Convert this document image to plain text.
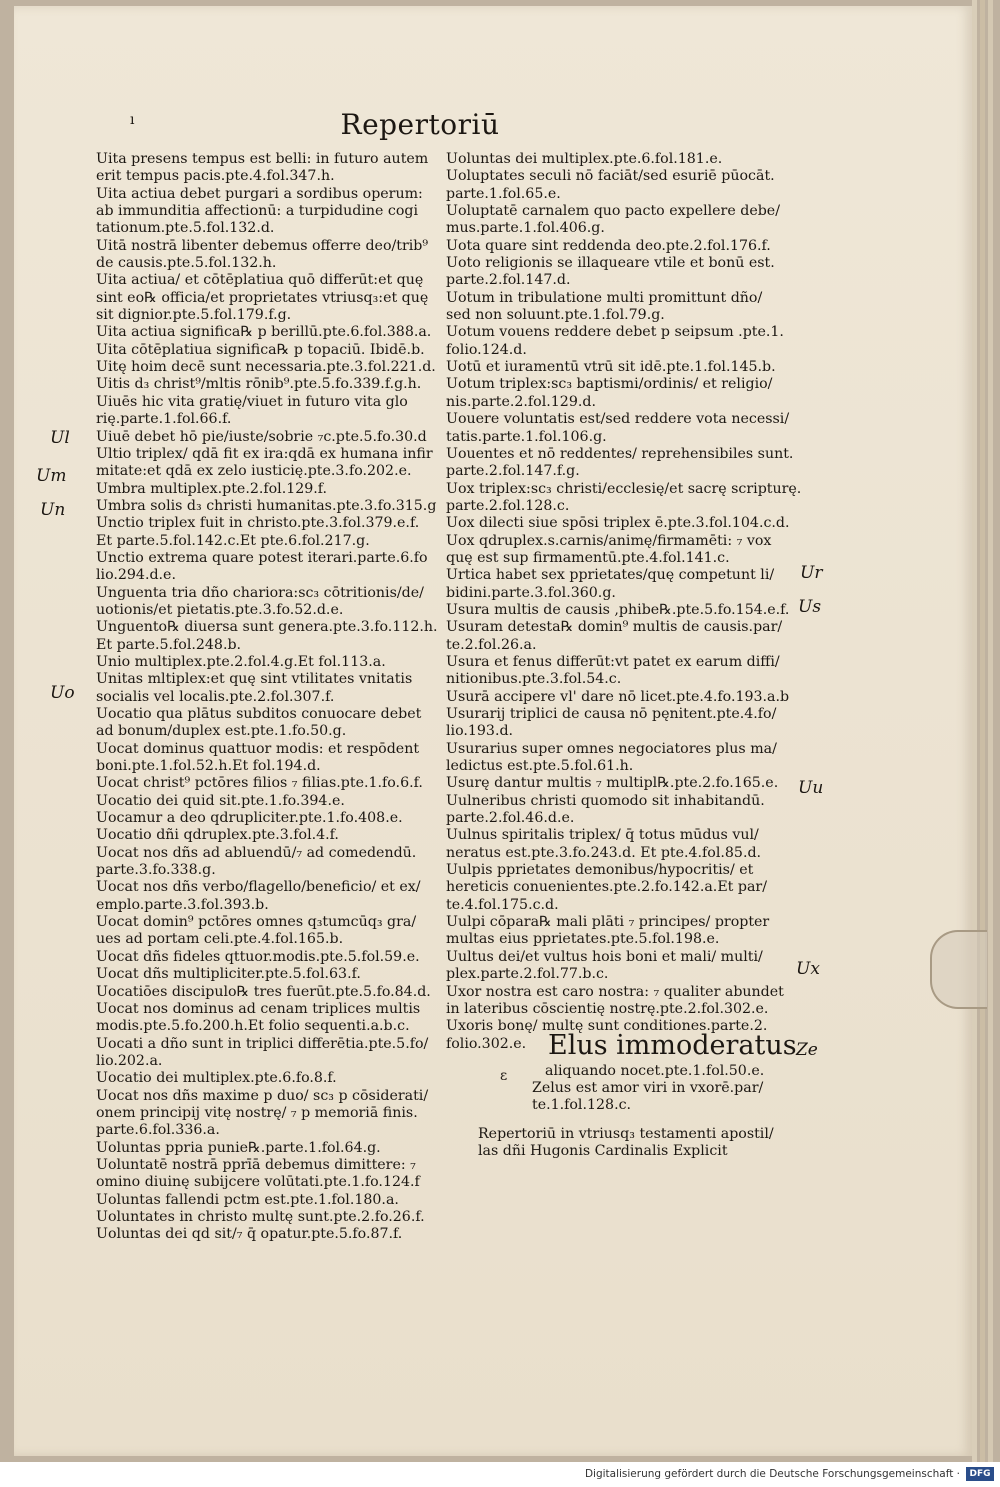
ı	Repertoriū
Uita presens tempus est belli: in futuro autem
erit tempus pacis.pte.4.fol.347.h.
Uita actiua debet purgari a sordibus operum:
ab immunditia affectionū: a turpidudine cogi
tationum.pte.5.fol.132.d.
Uitā nostrā libenter debemus offerre deo/trib⁹
de causis.pte.5.fol.132.h.
Uita actiua/ et cōtēplatiua quō differūt:et quę
sint eo℞ officia/et proprietates vtriusq₃:et quę
sit dignior.pte.5.fol.179.f.g.
Uita actiua significa℞ p berillū.pte.6.fol.388.a.
Uita cōtēplatiua significa℞ p topaciū. Ibidē.b.
Uitę hoim decē sunt necessaria.pte.3.fol.221.d.
Uitis d₃ christ⁹/mltis rōnib⁹.pte.5.fo.339.f.g.h.
Uiuēs hic vita gratię/viuet in futuro vita glo
rię.parte.1.fol.66.f.
Uiuē debet hō pie/iuste/sobrie ₇c.pte.5.fo.30.d
Ultio triplex/ qdā fit ex ira:qdā ex humana infir
mitate:et qdā ex zelo iusticię.pte.3.fo.202.e.
Umbra multiplex.pte.2.fol.129.f.
Umbra solis d₃ christi humanitas.pte.3.fo.315.g
Unctio triplex fuit in christo.pte.3.fol.379.e.f.
Et parte.5.fol.142.c.Et pte.6.fol.217.g.
Unctio extrema quare potest iterari.parte.6.fo
lio.294.d.e.
Unguenta tria dño chariora:sc₃ cōtritionis/de/
uotionis/et pietatis.pte.3.fo.52.d.e.
Unguento℞ diuersa sunt genera.pte.3.fo.112.h.
Et parte.5.fol.248.b.
Unio multiplex.pte.2.fol.4.g.Et fol.113.a.
Unitas mltiplex:et quę sint vtilitates vnitatis
socialis vel localis.pte.2.fol.307.f.
Uocatio qua plātus subditos conuocare debet
ad bonum/duplex est.pte.1.fo.50.g.
Uocat dominus quattuor modis: et respōdent
boni.pte.1.fol.52.h.Et fol.194.d.
Uocat christ⁹ pctōres filios ₇ filias.pte.1.fo.6.f.
Uocatio dei quid sit.pte.1.fo.394.e.
Uocamur a deo qdrupliciter.pte.1.fo.408.e.
Uocatio dñi qdruplex.pte.3.fol.4.f.
Uocat nos dñs ad abluendū/₇ ad comedendū.
parte.3.fo.338.g.
Uocat nos dñs verbo/flagello/beneficio/ et ex/
emplo.parte.3.fol.393.b.
Uocat domin⁹ pctōres omnes q₃tumcūq₃ gra/
ues ad portam celi.pte.4.fol.165.b.
Uocat dñs fideles qttuor.modis.pte.5.fol.59.e.
Uocat dñs multipliciter.pte.5.fol.63.f.
Uocatiōes discipulo℞ tres fuerūt.pte.5.fo.84.d.
Uocat nos dominus ad cenam triplices multis
modis.pte.5.fo.200.h.Et folio sequenti.a.b.c.
Uocati a dño sunt in triplici differētia.pte.5.fo/
lio.202.a.
Uocatio dei multiplex.pte.6.fo.8.f.
Uocat nos dñs maxime p duo/ sc₃ p cōsiderati/
onem principij vitę nostrę/ ₇ p memoriā finis.
parte.6.fol.336.a.
Uoluntas ppria punie℞.parte.1.fol.64.g.
Uoluntatē nostrā pprīā debemus dimittere: ₇
omino diuinę subijcere volūtati.pte.1.fo.124.f
Uoluntas fallendi pctm est.pte.1.fol.180.a.
Uoluntates in christo multę sunt.pte.2.fo.26.f.
Uoluntas dei qd sit/₇ q̄ opatur.pte.5.fo.87.f.
Uoluntas dei multiplex.pte.6.fol.181.e.
Uoluptates seculi nō faciāt/sed esuriē pūocāt.
parte.1.fol.65.e.
Uoluptatē carnalem quo pacto expellere debe/
mus.parte.1.fol.406.g.
Uota quare sint reddenda deo.pte.2.fol.176.f.
Uoto religionis se illaqueare vtile et bonū est.
parte.2.fol.147.d.
Uotum in tribulatione multi promittunt dño/
sed non soluunt.pte.1.fol.79.g.
Uotum vouens reddere debet p seipsum .pte.1.
folio.124.d.
Uotū et iuramentū vtrū sit idē.pte.1.fol.145.b.
Uotum triplex:sc₃ baptismi/ordinis/ et religio/
nis.parte.2.fol.129.d.
Uouere voluntatis est/sed reddere vota necessi/
tatis.parte.1.fol.106.g.
Uouentes et nō reddentes/ reprehensibiles sunt.
parte.2.fol.147.f.g.
Uox triplex:sc₃ christi/ecclesię/et sacrę scripturę.
parte.2.fol.128.c.
Uox dilecti siue spōsi triplex ē.pte.3.fol.104.c.d.
Uox qdruplex.s.carnis/animę/firmamēti: ₇ vox
quę est sup firmamentū.pte.4.fol.141.c.
Urtica habet sex pprietates/quę competunt li/
bidini.parte.3.fol.360.g.
Usura multis de causis ,phibe℞.pte.5.fo.154.e.f.
Usuram detesta℞ domin⁹ multis de causis.par/
te.2.fol.26.a.
Usura et fenus differūt:vt patet ex earum diffi/
nitionibus.pte.3.fol.54.c.
Usurā accipere vl' dare nō licet.pte.4.fo.193.a.b
Usurarij triplici de causa nō pęnitent.pte.4.fo/
lio.193.d.
Usurarius super omnes negociatores plus ma/
ledictus est.pte.5.fol.61.h.
Usurę dantur multis ₇ multipl℞.pte.2.fo.165.e.
Uulneribus christi quomodo sit inhabitandū.
parte.2.fol.46.d.e.
Uulnus spiritalis triplex/ q̄ totus mūdus vul/
neratus est.pte.3.fo.243.d. Et pte.4.fol.85.d.
Uulpis pprietates demonibus/hypocritis/ et
hereticis conuenientes.pte.2.fo.142.a.Et par/
te.4.fol.175.c.d.
Uulpi cōpara℞ mali plāti ₇ principes/ propter
multas eius pprietates.pte.5.fol.198.e.
Uultus dei/et vultus hois boni et mali/ multi/
plex.parte.2.fol.77.b.c.
Uxor nostra est caro nostra: ₇ qualiter abundet
in lateribus cōscientię nostrę.pte.2.fol.302.e.
Uxoris bonę/ multę sunt conditiones.parte.2.
folio.302.e.
Ul
Um
Un
Uo
Ur
Us
Uu
Ux
Ze
Elus immoderatus
ɛ	aliquando nocet.pte.1.fol.50.e.
Zelus est amor viri in vxorē.par/
te.1.fol.128.c.
Repertoriū in vtriusq₃ testamenti apostil/
las dñi Hugonis Cardinalis Explicit
Digitalisierung gefördert durch die Deutsche Forschungsgemeinschaft ·	DFG
